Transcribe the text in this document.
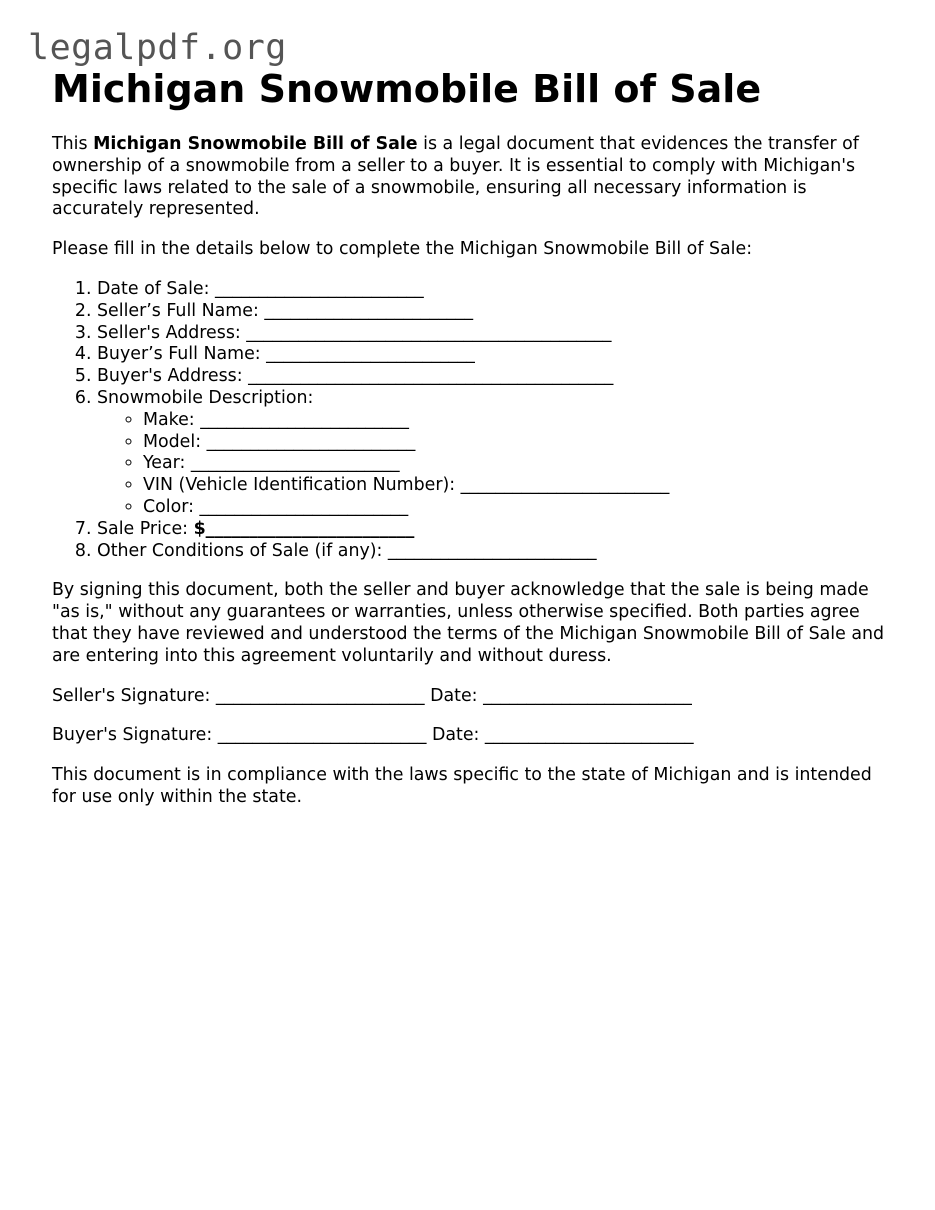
legalpdf.org
Michigan Snowmobile Bill of Sale

This Michigan Snowmobile Bill of Sale is a legal document that evidences the transfer of ownership of a snowmobile from a seller to a buyer. It is essential to comply with Michigan's specific laws related to the sale of a snowmobile, ensuring all necessary information is accurately represented.

Please fill in the details below to complete the Michigan Snowmobile Bill of Sale:

1. Date of Sale: ________________________
2. Seller’s Full Name: ________________________
3. Seller's Address: __________________________________________
4. Buyer’s Full Name: ________________________
5. Buyer's Address: __________________________________________
6. Snowmobile Description:
◦ Make: ________________________
◦ Model: ________________________
◦ Year: ________________________
◦ VIN (Vehicle Identification Number): ________________________
◦ Color: ________________________
7. Sale Price: $________________________
8. Other Conditions of Sale (if any): ________________________

By signing this document, both the seller and buyer acknowledge that the sale is being made "as is," without any guarantees or warranties, unless otherwise specified. Both parties agree that they have reviewed and understood the terms of the Michigan Snowmobile Bill of Sale and are entering into this agreement voluntarily and without duress.

Seller's Signature: ________________________ Date: ________________________

Buyer's Signature: ________________________ Date: ________________________

This document is in compliance with the laws specific to the state of Michigan and is intended for use only within the state.
